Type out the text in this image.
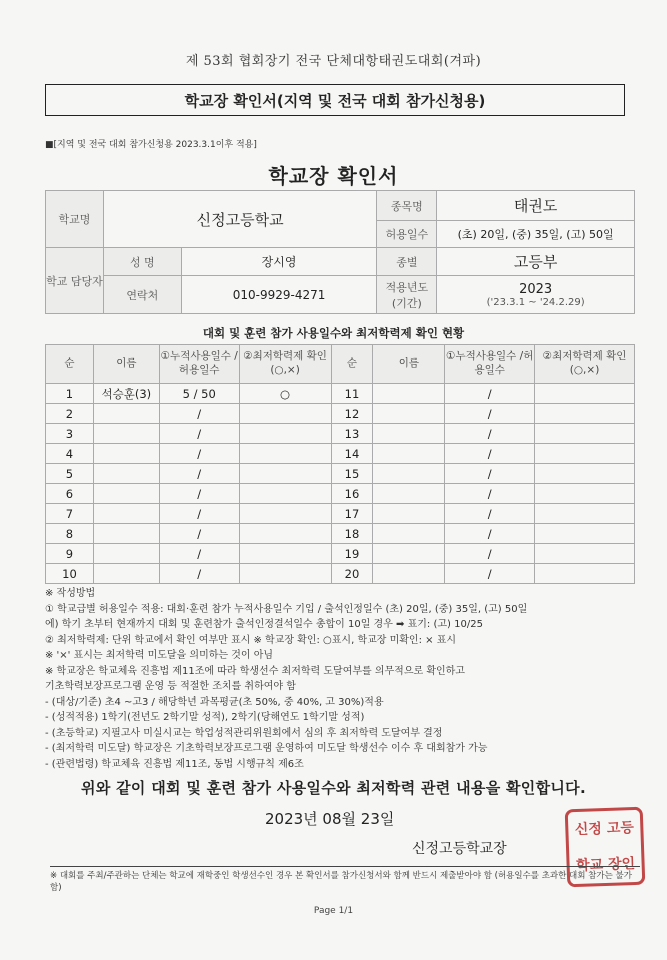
제 53회 협회장기 전국 단체대항태권도대회(겨파)
학교장 확인서(지역 및 전국 대회 참가신청용)
■[지역 및 전국 대회 참가신청용 2023.3.1이후 적용]
학교장 확인서
학교명	신정고등학교		종목명	태권도
			허용일수	(초) 20일, (중) 35일, (고) 50일
학교 담당자	성 명	장시영	종별	고등부
	연락처	010-9929-4271	적용년도 (기간)	2023
('23.3.1 ~ '24.2.29)
대회 및 훈련 참가 사용일수와 최저학력제 확인 현황
순	이름	①누적사용일수 /허용일수	②최저학력제 확인(○,×)	순	이름	①누적사용일수 /허용일수	②최저학력제 확인(○,×)
1	석승훈(3)	5 / 50	○	11		/	
2		/		12		/	
3		/		13		/	
4		/		14		/	
5		/		15		/	
6		/		16		/	
7		/		17		/	
8		/		18		/	
9		/		19		/	
10		/		20		/	
※ 작성방법
① 학교급별 허용일수 적용: 대회·훈련 참가 누적사용일수 기입 / 출석인정일수 (초) 20일, (중) 35일, (고) 50일
에) 학기 초부터 현재까지 대회 및 훈련참가 출석인정결석일수 총합이 10일 경우 ➡ 표기: (고) 10/25
② 최저학력제: 단위 학교에서 확인 여부만 표시 ※ 학교장 확인: ○표시, 학교장 미확인: × 표시
※ '×' 표시는 최저학력 미도달을 의미하는 것이 아님
※ 학교장은 학교체육 진흥법 제11조에 따라 학생선수 최저학력 도달여부를 의무적으로 확인하고
기초학력보장프로그램 운영 등 적절한 조치를 취하여야 함
- (대상/기준) 초4 ~고3 / 해당학년 과목평균(초 50%, 중 40%, 고 30%)적용
- (성적적용) 1학기(전년도 2학기말 성적), 2학기(당해연도 1학기말 성적)
- (초등학교) 지필고사 미실시교는 학업성적관리위원회에서 심의 후 최저학력 도달여부 결정
- (최저학력 미도달) 학교장은 기초학력보장프로그램 운영하여 미도달 학생선수 이수 후 대회참가 가능
- (관련법령) 학교체육 진흥법 제11조, 동법 시행규칙 제6조
위와 같이 대회 및 훈련 참가 사용일수와 최저학력 관련 내용을 확인합니다.
2023년 08월 23일
신정고등학교장
신정 고등
학교 장인
※ 대회를 주최/주관하는 단체는 학교에 재학중인 학생선수인 경우 본 확인서를 참가신청서와 함께 반드시 제출받아야 함 (허용일수를 초과한 대회 참가는 불가함)
Page 1/1
